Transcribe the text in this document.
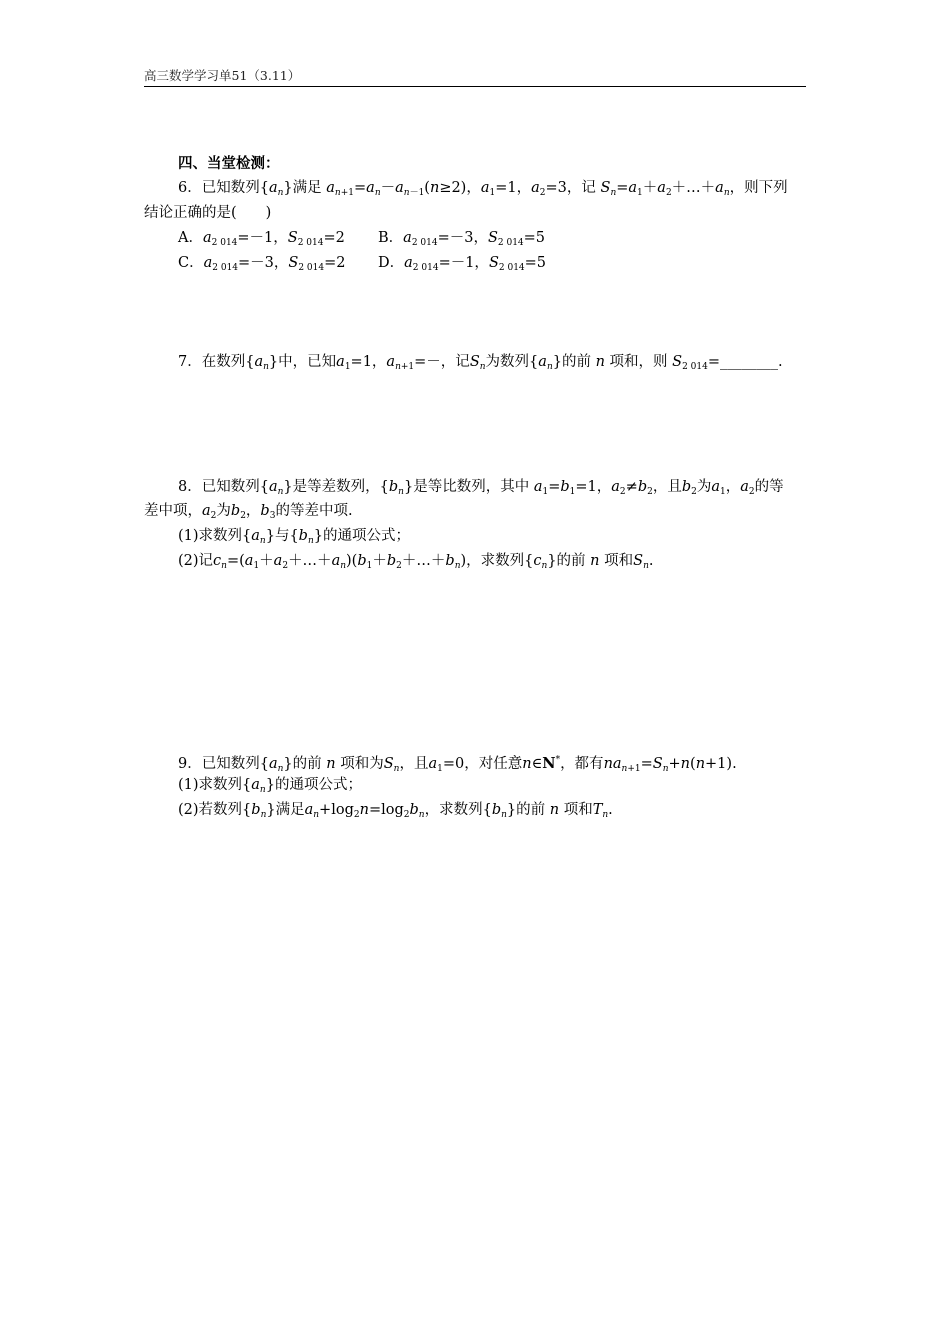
高三数学学习单51（3.11）
四、当堂检测：
6．已知数列$\{a_n\}$满足 $a_{n+1}=a_n-a_{n-1}(n\ge 2)$，$a_1=1$，$a_2=3$，记 $S_n=a_1+a_2+\dots+a_n$，则下列
结论正确的是(　　)
A．$a_{2 014}=-1$，$S_{2 014}=2$ B．$a_{2 014}=-3$，$S_{2 014}=5$
C．$a_{2 014}=-3$，$S_{2 014}=2$ D．$a_{2 014}=-1$，$S_{2 014}=5$
7．在数列$\{a_n\}$中，已知$a_1=1$，$a_{n+1}=-$，记$S_n$为数列$\{a_n\}$的前 n 项和，则 $S_{2 014}=\_\_\_\_\_\_\_\_$.
8．已知数列$\{a_n\}$是等差数列，$\{b_n\}$是等比数列，其中 $a_1=b_1=1$，$a_2\ne b_2$，且$b_2$为$a_1$，$a_2$的等
差中项，$a_2$为$b_2$，$b_3$的等差中项.
(1)求数列$\{a_n\}$与$\{b_n\}$的通项公式；
(2)记$c_n=(a_1+a_2+\dots+a_n)(b_1+b_2+\dots+b_n)$，求数列$\{c_n\}$的前 n 项和$S_n$.
9．已知数列$\{a_n\}$的前 n 项和为$S_n$，且$a_1=0$，对任意n∈N*，都有$na_{n+1}=S_n+n(n+1)$.
(1)求数列$\{a_n\}$的通项公式；
(2)若数列$\{b_n\}$满足$a_n+\log_2n=\log_2b_n$，求数列$\{b_n\}$的前 n 项和$T_n$.
